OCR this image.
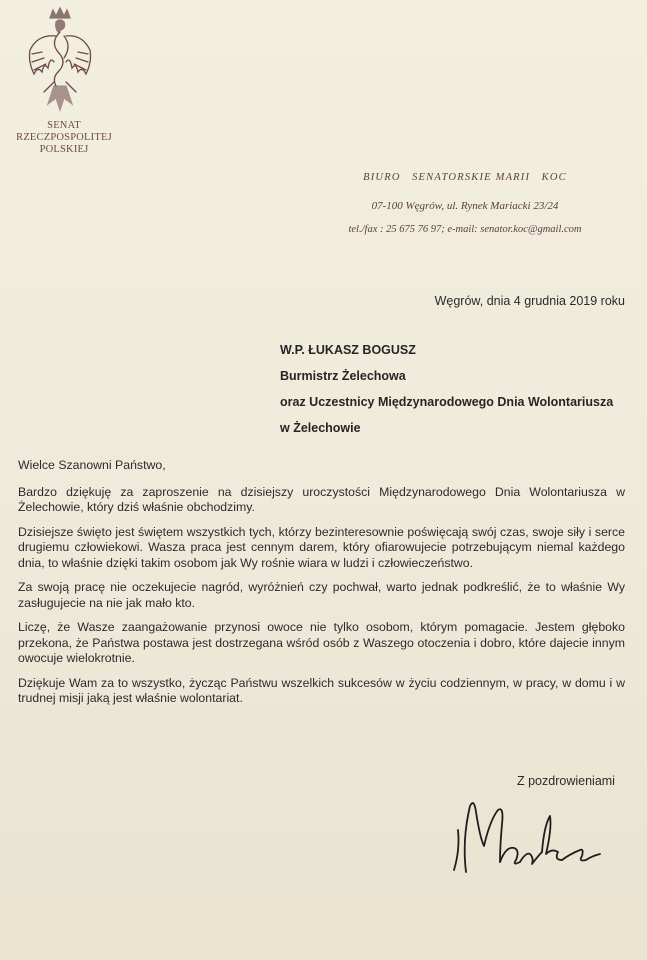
SENAT
RZECZPOSPOLITEJ
POLSKIEJ
BIURO   SENATORSKIE MARII   KOC
07-100 Węgrów, ul. Rynek Mariacki 23/24
tel./fax : 25 675 76 97; e-mail: senator.koc@gmail.com
Węgrów, dnia 4 grudnia 2019 roku
W.P. ŁUKASZ BOGUSZ
Burmistrz Żelechowa
oraz Uczestnicy Międzynarodowego Dnia Wolontariusza
w Żelechowie

Wielce Szanowni Państwo,

Bardzo dziękuję za zaproszenie na dzisiejszy uroczystości Międzynarodowego Dnia Wolontariusza w Żelechowie, który dziś właśnie obchodzimy.

Dzisiejsze święto jest świętem wszystkich tych, którzy bezinteresownie poświęcają swój czas, swoje siły i serce drugiemu człowiekowi. Wasza praca jest cennym darem, który ofiarowujecie potrzebującym niemal każdego dnia, to właśnie dzięki takim osobom jak Wy rośnie wiara w ludzi i człowieczeństwo.

Za swoją pracę nie oczekujecie nagród, wyróżnień czy pochwał, warto jednak podkreślić, że to właśnie Wy zasługujecie na nie jak mało kto.

Liczę, że Wasze zaangażowanie przynosi owoce nie tylko osobom, którym pomagacie. Jestem głęboko przekona, że Państwa postawa jest dostrzegana wśród osób z Waszego otoczenia i dobro, które dajecie innym owocuje wielokrotnie.

Dziękuje Wam za to wszystko, życząc Państwu wszelkich sukcesów w życiu codziennym, w pracy, w domu i w trudnej misji jaką jest właśnie wolontariat.

Z pozdrowieniami
